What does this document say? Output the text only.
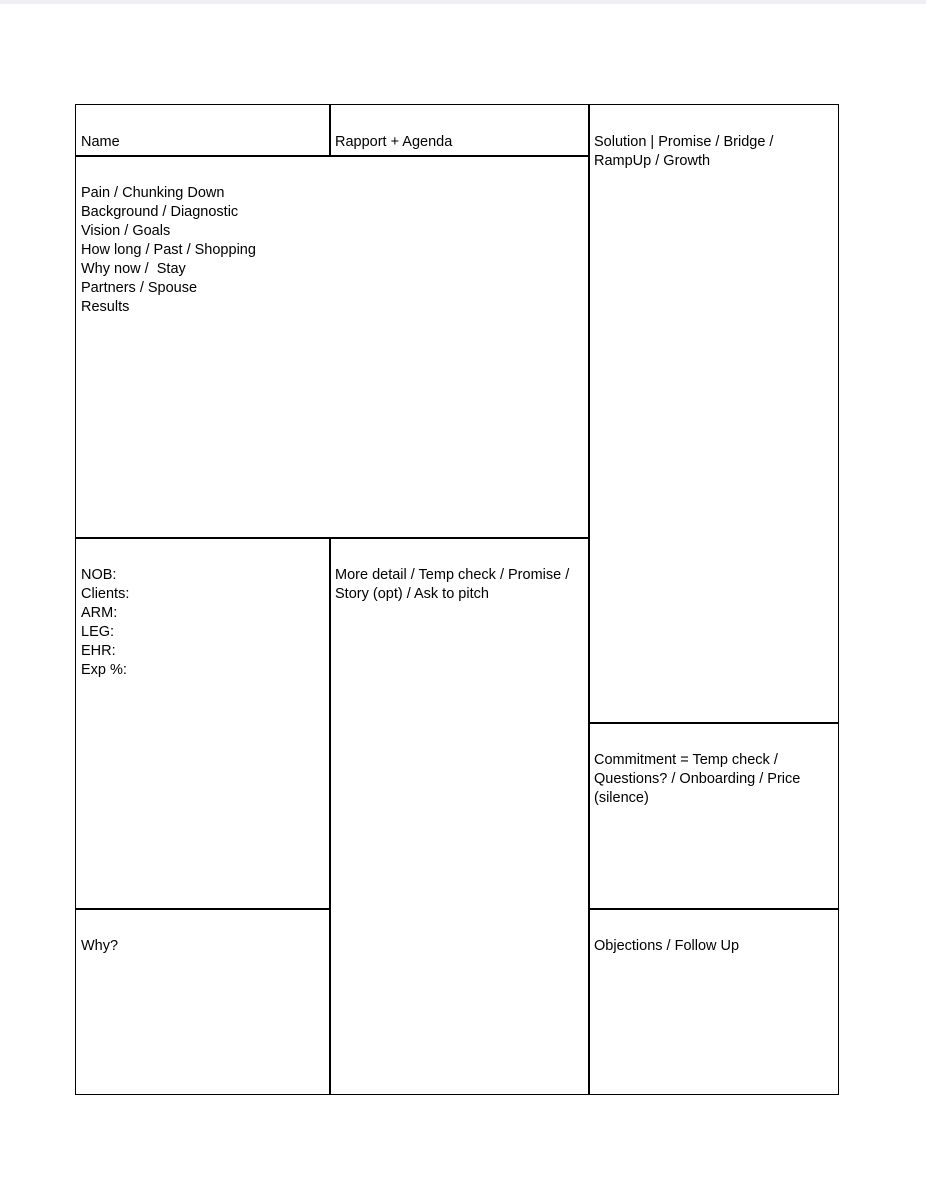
Name	Rapport + Agenda	Solution | Promise / Bridge / RampUp / Growth

Pain / Chunking Down
Background / Diagnostic
Vision / Goals
How long / Past / Shopping
Why now /  Stay
Partners / Spouse
Results

NOB:
Clients:
ARM:
LEG:
EHR:
Exp %:

More detail / Temp check / Promise / Story (opt) / Ask to pitch

Commitment = Temp check / Questions? / Onboarding / Price (silence)

Why?	Objections / Follow Up
